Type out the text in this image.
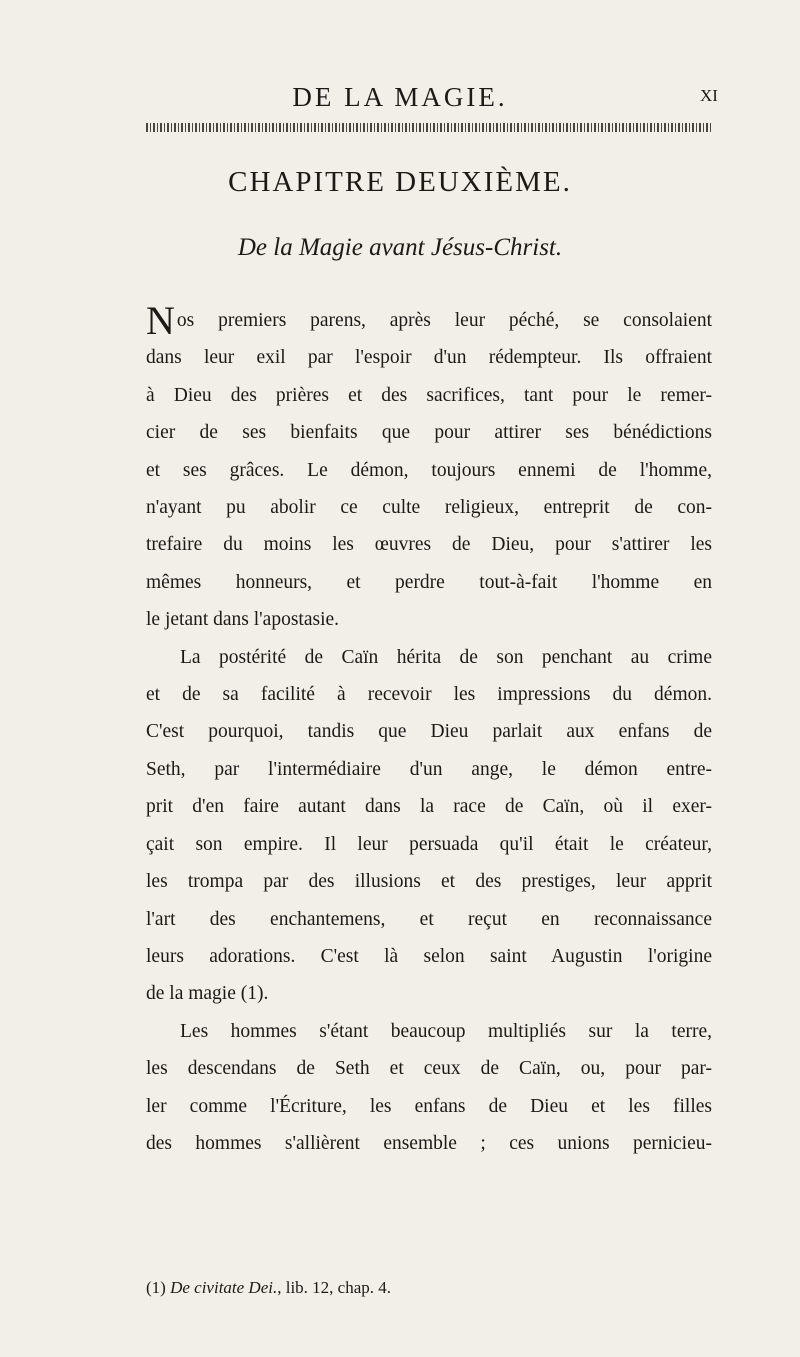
DE LA MAGIE.	XI
CHAPITRE DEUXIÈME.
De la Magie avant Jésus-Christ.
Nos premiers parens, après leur péché, se consolaient
dans leur exil par l'espoir d'un rédempteur. Ils offraient
à Dieu des prières et des sacrifices, tant pour le remer-
cier de ses bienfaits que pour attirer ses bénédictions
et ses grâces. Le démon, toujours ennemi de l'homme,
n'ayant pu abolir ce culte religieux, entreprit de con-
trefaire du moins les œuvres de Dieu, pour s'attirer les
mêmes honneurs, et perdre tout-à-fait l'homme en
le jetant dans l'apostasie.
La postérité de Caïn hérita de son penchant au crime
et de sa facilité à recevoir les impressions du démon.
C'est pourquoi, tandis que Dieu parlait aux enfans de
Seth, par l'intermédiaire d'un ange, le démon entre-
prit d'en faire autant dans la race de Caïn, où il exer-
çait son empire. Il leur persuada qu'il était le créateur,
les trompa par des illusions et des prestiges, leur apprit
l'art des enchantemens, et reçut en reconnaissance
leurs adorations. C'est là selon saint Augustin l'origine
de la magie (1).
Les hommes s'étant beaucoup multipliés sur la terre,
les descendans de Seth et ceux de Caïn, ou, pour par-
ler comme l'Écriture, les enfans de Dieu et les filles
des hommes s'allièrent ensemble ; ces unions pernicieu-
(1) De civitate Dei., lib. 12, chap. 4.
